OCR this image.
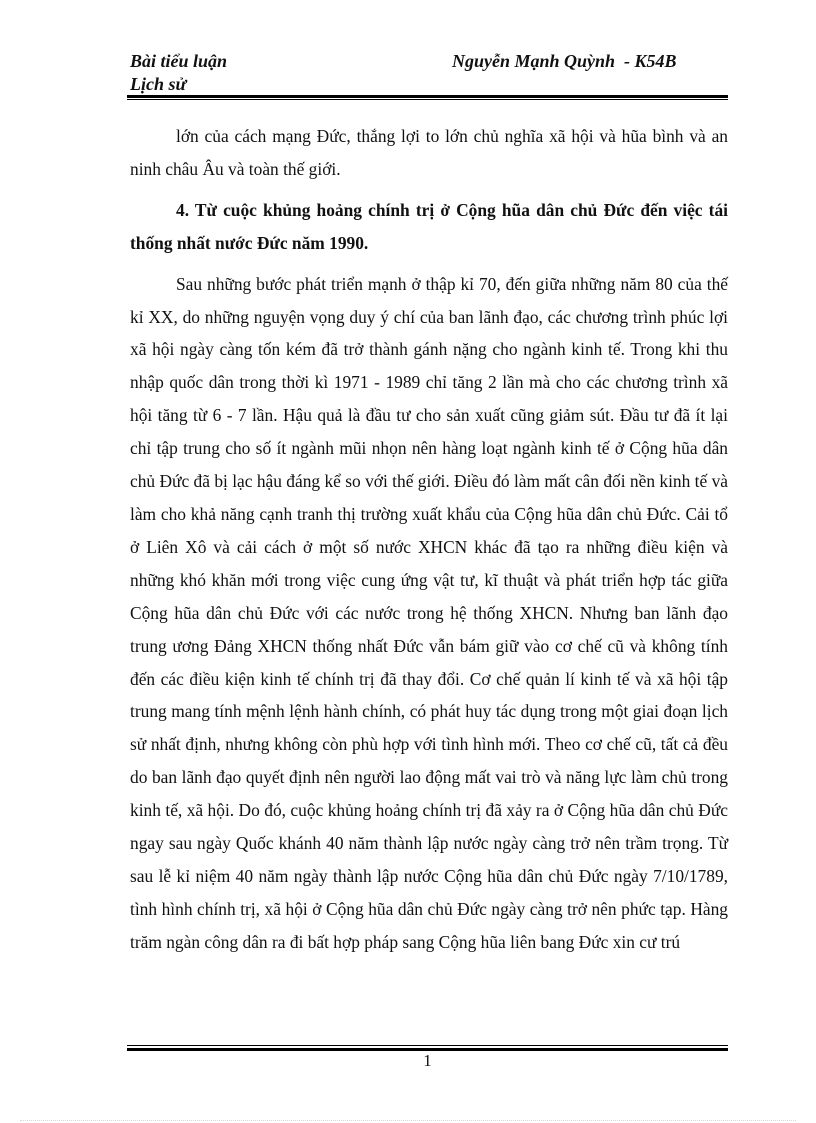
Bài tiểu luận
Lịch sử
Nguyễn Mạnh Quỳnh  - K54B

lớn của cách mạng Đức, thắng lợi to lớn chủ nghĩa xã hội và hũa bình và an ninh châu Âu và toàn thế giới.

4. Từ cuộc khủng hoảng chính trị ở Cộng hũa dân chủ Đức đến việc tái thống nhất nước Đức năm 1990.

Sau những bước phát triển mạnh ở thập kỉ 70, đến giữa những năm 80 của thế kỉ XX, do những nguyện vọng duy ý chí của ban lãnh đạo, các chương trình phúc lợi xã hội ngày càng tốn kém đã trở thành gánh nặng cho ngành kinh tế. Trong khi thu nhập quốc dân trong thời kì 1971 - 1989 chỉ tăng 2 lần mà cho các chương trình xã hội tăng từ 6 - 7 lần. Hậu quả là đầu tư cho sản xuất cũng giảm sút. Đầu tư đã ít lại chỉ tập trung cho số ít ngành mũi nhọn nên hàng loạt ngành kinh tế ở Cộng hũa dân chủ Đức đã bị lạc hậu đáng kể so với thế giới. Điều đó làm mất cân đối nền kinh tế và làm cho khả năng cạnh tranh thị trường xuất khẩu của Cộng hũa dân chủ Đức. Cải tổ ở Liên Xô và cải cách ở một số nước XHCN khác đã tạo ra những điều kiện và những khó khăn mới trong việc cung ứng vật tư, kĩ thuật và phát triển hợp tác giữa Cộng hũa dân chủ Đức với các nước trong hệ thống XHCN. Nhưng ban lãnh đạo trung ương Đảng XHCN thống nhất Đức vẫn bám giữ vào cơ chế cũ và không tính đến các điều kiện kinh tế chính trị đã thay đổi. Cơ chế quản lí kinh tế và xã hội tập trung mang tính mệnh lệnh hành chính, có phát huy tác dụng trong một giai đoạn lịch sử nhất định, nhưng không còn phù hợp với tình hình mới. Theo cơ chế cũ, tất cả đều do ban lãnh đạo quyết định nên người lao động mất vai trò và năng lực làm chủ trong kinh tế, xã hội. Do đó, cuộc khủng hoảng chính trị đã xảy ra ở Cộng hũa dân chủ Đức ngay sau ngày Quốc khánh 40 năm thành lập nước ngày càng trở nên trầm trọng. Từ sau lễ kỉ niệm 40 năm ngày thành lập nước Cộng hũa dân chủ Đức ngày 7/10/1789, tình hình chính trị, xã hội ở Cộng hũa dân chủ Đức ngày càng trở nên phức tạp. Hàng trăm ngàn công dân ra đi bất hợp pháp sang Cộng hũa liên bang Đức xin cư trú

1
